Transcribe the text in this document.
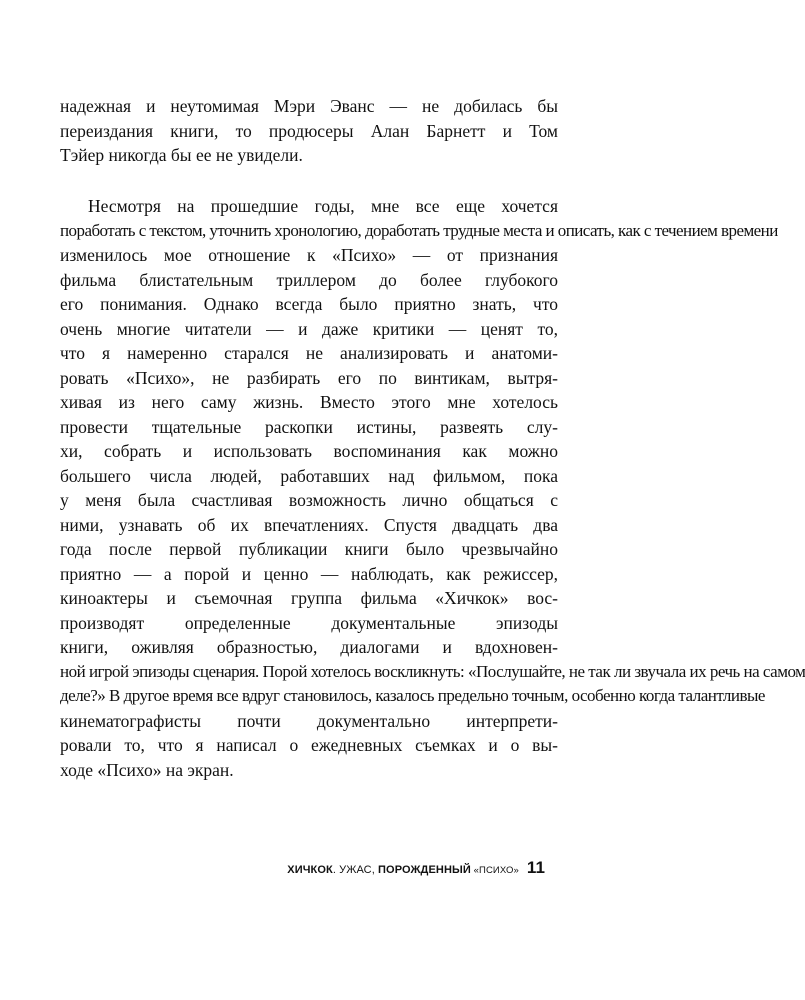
надежная и неутомимая Мэри Эванс — не добилась бы
переиздания книги, то продюсеры Алан Барнетт и Том
Тэйер никогда бы ее не увидели.
Несмотря на прошедшие годы, мне все еще хочется
поработать с текстом, уточнить хронологию, доработать трудные места и описать, как с течением времени
изменилось мое отношение к «Психо» — от признания
фильма блистательным триллером до более глубокого
его понимания. Однако всегда было приятно знать, что
очень многие читатели — и даже критики — ценят то,
что я намеренно старался не анализировать и анатоми-
ровать «Психо», не разбирать его по винтикам, вытря-
хивая из него саму жизнь. Вместо этого мне хотелось
провести тщательные раскопки истины, развеять слу-
хи, собрать и использовать воспоминания как можно
большего числа людей, работавших над фильмом, пока
у меня была счастливая возможность лично общаться с
ними, узнавать об их впечатлениях. Спустя двадцать два
года после первой публикации книги было чрезвычайно
приятно — а порой и ценно — наблюдать, как режиссер,
киноактеры и съемочная группа фильма «Хичкок» вос-
производят определенные документальные эпизоды
книги, оживляя образностью, диалогами и вдохновен-
ной игрой эпизоды сценария. Порой хотелось воскликнуть: «Послушайте, не так ли звучала их речь на самом
деле?» В другое время все вдруг становилось, казалось предельно точным, особенно когда талантливые
кинематографисты почти документально интерпрети-
ровали то, что я написал о ежедневных съемках и о вы-
ходе «Психо» на экран.
ХИЧКОК . УЖАС, ПОРОЖДЕННЫЙ «ПСИХО» 11
